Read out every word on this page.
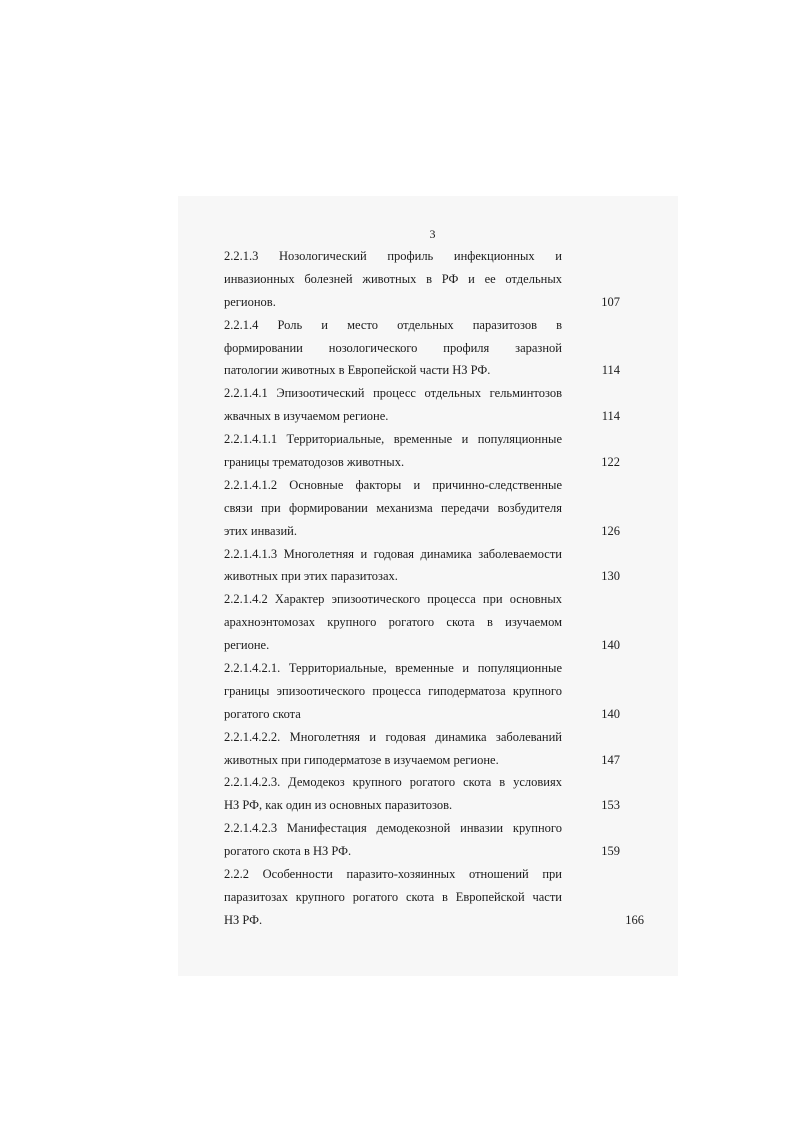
3
2.2.1.3 Нозологический профиль инфекционных и
инвазионных болезней животных в РФ и ее отдельных
регионов.	107
2.2.1.4 Роль и место отдельных паразитозов в
формировании нозологического профиля заразной
патологии животных в Европейской части НЗ РФ.	114
2.2.1.4.1 Эпизоотический процесс отдельных гельминтозов
жвачных в изучаемом регионе.	114
2.2.1.4.1.1 Территориальные, временные и популяционные
границы трематодозов животных.	122
2.2.1.4.1.2 Основные факторы и причинно-следственные
связи при формировании механизма передачи возбудителя
этих инвазий.	126
2.2.1.4.1.3 Многолетняя и годовая динамика заболеваемости
животных при этих паразитозах.	130
2.2.1.4.2 Характер эпизоотического процесса при основных
арахноэнтомозах крупного рогатого скота в изучаемом
регионе.	140
2.2.1.4.2.1. Территориальные, временные и популяционные
границы эпизоотического процесса гиподерматоза крупного
рогатого скота	140
2.2.1.4.2.2. Многолетняя и годовая динамика заболеваний
животных при гиподерматозе в изучаемом регионе.	147
2.2.1.4.2.3. Демодекоз крупного рогатого скота в условиях
НЗ РФ, как один из основных паразитозов.	153
2.2.1.4.2.3 Манифестация демодекозной инвазии крупного
рогатого скота в НЗ РФ.	159
2.2.2 Особенности паразито-хозяинных отношений при
паразитозах крупного рогатого скота в Европейской части
НЗ РФ.	166
